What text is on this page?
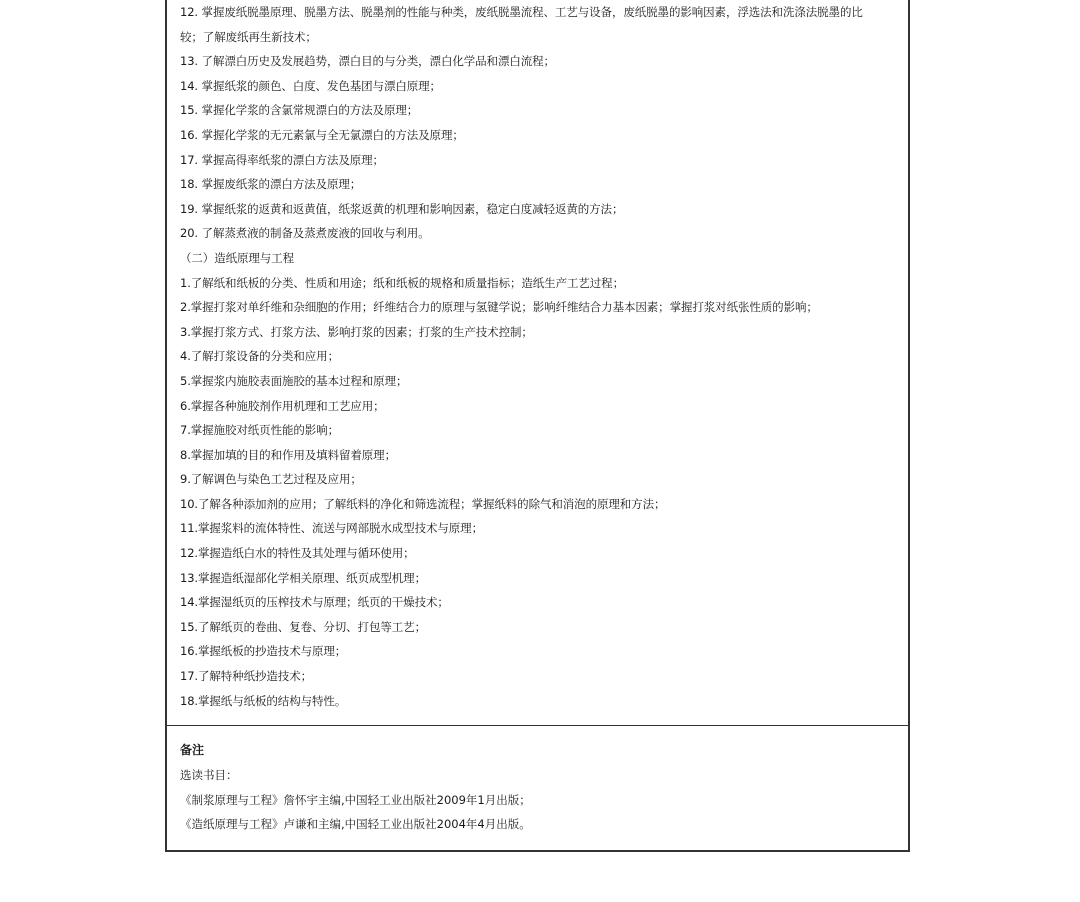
12. 掌握废纸脱墨原理、脱墨方法、脱墨剂的性能与种类，废纸脱墨流程、工艺与设备，废纸脱墨的影响因素，浮选法和洗涤法脱墨的比
较；了解废纸再生新技术；
13. 了解漂白历史及发展趋势，漂白目的与分类，漂白化学品和漂白流程；
14. 掌握纸浆的颜色、白度、发色基团与漂白原理；
15. 掌握化学浆的含氯常规漂白的方法及原理；
16. 掌握化学浆的无元素氯与全无氯漂白的方法及原理；
17. 掌握高得率纸浆的漂白方法及原理；
18. 掌握废纸浆的漂白方法及原理；
19. 掌握纸浆的返黄和返黄值，纸浆返黄的机理和影响因素，稳定白度减轻返黄的方法；
20. 了解蒸煮液的制备及蒸煮废液的回收与利用。
（二）造纸原理与工程
1.了解纸和纸板的分类、性质和用途；纸和纸板的规格和质量指标；造纸生产工艺过程；
2.掌握打浆对单纤维和杂细胞的作用；纤维结合力的原理与氢键学说；影响纤维结合力基本因素；掌握打浆对纸张性质的影响；
3.掌握打浆方式、打浆方法、影响打浆的因素；打浆的生产技术控制；
4.了解打浆设备的分类和应用；
5.掌握浆内施胶表面施胶的基本过程和原理；
6.掌握各种施胶剂作用机理和工艺应用；
7.掌握施胶对纸页性能的影响；
8.掌握加填的目的和作用及填料留着原理；
9.了解调色与染色工艺过程及应用；
10.了解各种添加剂的应用；了解纸料的净化和筛选流程；掌握纸料的除气和消泡的原理和方法；
11.掌握浆料的流体特性、流送与网部脱水成型技术与原理；
12.掌握造纸白水的特性及其处理与循环使用；
13.掌握造纸湿部化学相关原理、纸页成型机理；
14.掌握湿纸页的压榨技术与原理；纸页的干燥技术；
15.了解纸页的卷曲、复卷、分切、打包等工艺；
16.掌握纸板的抄造技术与原理；
17.了解特种纸抄造技术；
18.掌握纸与纸板的结构与特性。
备注
选读书目：
《制浆原理与工程》詹怀宇主编,中国轻工业出版社2009年1月出版；
《造纸原理与工程》卢谦和主编,中国轻工业出版社2004年4月出版。
